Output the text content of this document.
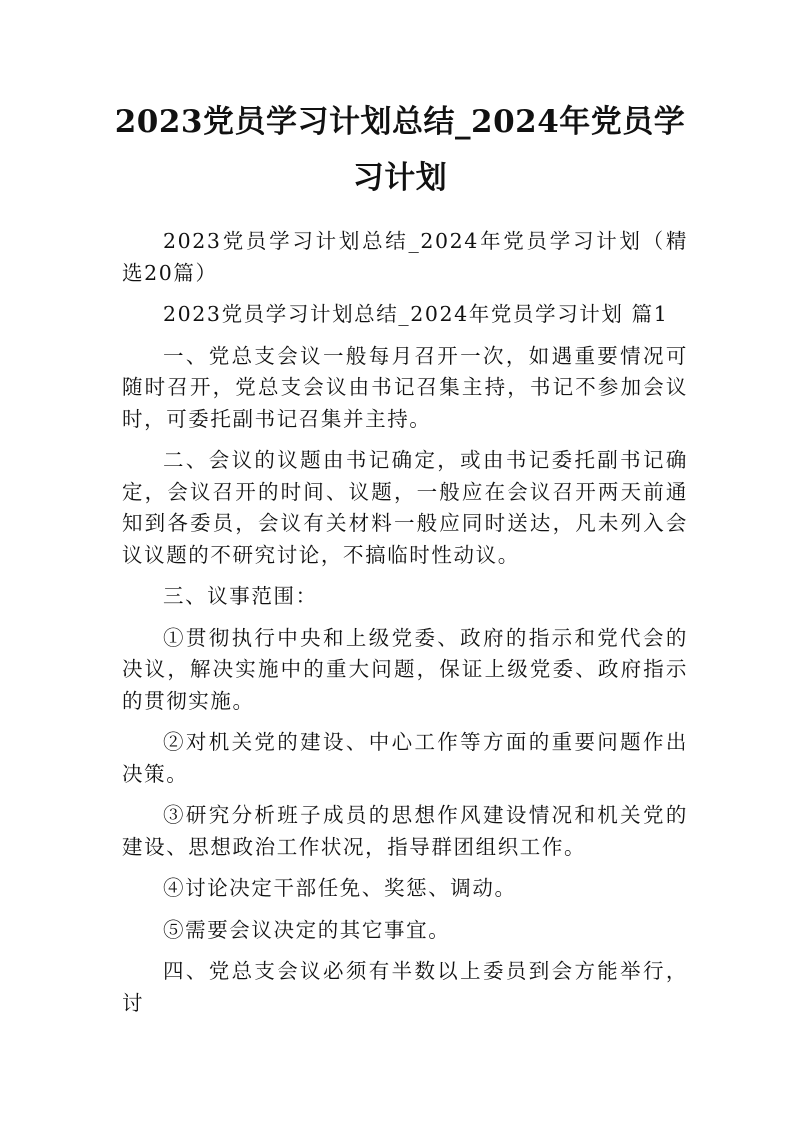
2023党员学习计划总结_2024年党员学习计划

2023党员学习计划总结_2024年党员学习计划（精选20篇）

2023党员学习计划总结_2024年党员学习计划 篇1

一、党总支会议一般每月召开一次，如遇重要情况可随时召开，党总支会议由书记召集主持，书记不参加会议时，可委托副书记召集并主持。

二、会议的议题由书记确定，或由书记委托副书记确定，会议召开的时间、议题，一般应在会议召开两天前通知到各委员，会议有关材料一般应同时送达，凡未列入会议议题的不研究讨论，不搞临时性动议。

三、议事范围：

①贯彻执行中央和上级党委、政府的指示和党代会的决议，解决实施中的重大问题，保证上级党委、政府指示的贯彻实施。

②对机关党的建设、中心工作等方面的重要问题作出决策。

③研究分析班子成员的思想作风建设情况和机关党的建设、思想政治工作状况，指导群团组织工作。

④讨论决定干部任免、奖惩、调动。

⑤需要会议决定的其它事宜。

四、党总支会议必须有半数以上委员到会方能举行，讨
